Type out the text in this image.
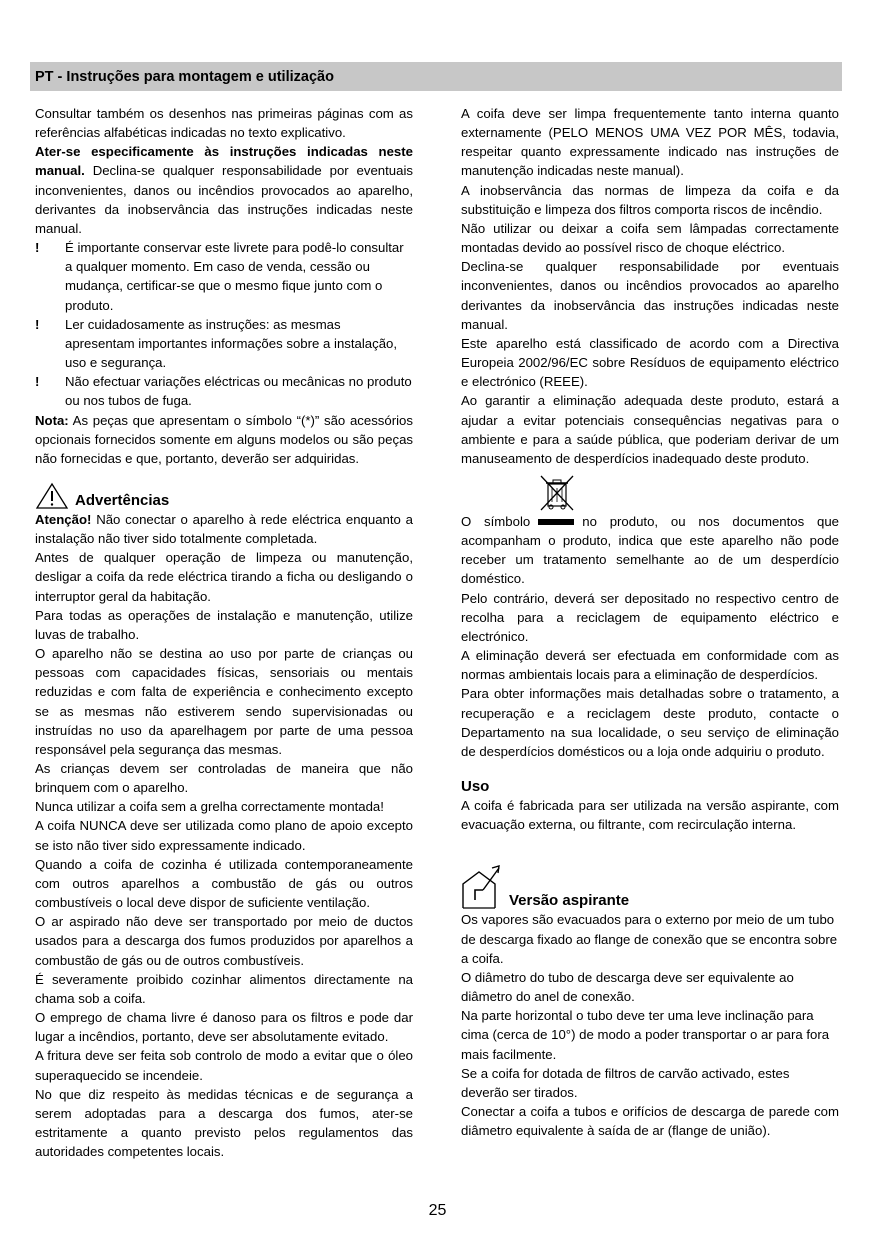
PT - Instruções para montagem e utilização

Consultar também os desenhos nas primeiras páginas com as referências alfabéticas indicadas no texto explicativo.

Ater-se especificamente às instruções indicadas neste manual. Declina-se qualquer responsabilidade por eventuais inconvenientes, danos ou incêndios provocados ao aparelho, derivantes da inobservância das instruções indicadas neste manual.

!	É importante conservar este livrete para podê-lo consultar a qualquer momento. Em caso de venda, cessão ou mudança, certificar-se que o mesmo fique junto com o produto.
!	Ler cuidadosamente as instruções: as mesmas apresentam importantes informações sobre a instalação, uso e segurança.
!	Não efectuar variações eléctricas ou mecânicas no produto ou nos tubos de fuga.

Nota: As peças que apresentam o símbolo “(*)” são acessórios opcionais fornecidos somente em alguns modelos ou são peças não fornecidas e que, portanto, deverão ser adquiridas.

Advertências

Atenção! Não conectar o aparelho à rede eléctrica enquanto a instalação não tiver sido totalmente completada.

Antes de qualquer operação de limpeza ou manutenção, desligar a coifa da rede eléctrica tirando a ficha ou desligando o interruptor geral da habitação.

Para todas as operações de instalação e manutenção, utilize luvas de trabalho.

O aparelho não se destina ao uso por parte de crianças ou pessoas com capacidades físicas, sensoriais ou mentais reduzidas e com falta de experiência e conhecimento excepto se as mesmas não estiverem sendo supervisionadas ou instruídas no uso da aparelhagem por parte de uma pessoa responsável pela segurança das mesmas.

As crianças devem ser controladas de maneira que não brinquem com o aparelho.

Nunca utilizar a coifa sem a grelha correctamente montada!

A coifa NUNCA deve ser utilizada como plano de apoio excepto se isto não tiver sido expressamente indicado.

Quando a coifa de cozinha é utilizada contemporaneamente com outros aparelhos a combustão de gás ou outros combustíveis o local deve dispor de suficiente ventilação.

O ar aspirado não deve ser transportado por meio de ductos usados para a descarga dos fumos produzidos por aparelhos a combustão de gás ou de outros combustíveis.

É severamente proibido cozinhar alimentos directamente na chama sob a coifa.

O emprego de chama livre é danoso para os filtros e pode dar lugar a incêndios, portanto, deve ser absolutamente evitado.

A fritura deve ser feita sob controlo de modo a evitar que o óleo superaquecido se incendeie.

No que diz respeito às medidas técnicas e de segurança a serem adoptadas para a descarga dos fumos, ater-se estritamente a quanto previsto pelos regulamentos das autoridades competentes locais.

A coifa deve ser limpa frequentemente tanto interna quanto externamente (PELO MENOS UMA VEZ POR MÊS, todavia, respeitar quanto expressamente indicado nas instruções de manutenção indicadas neste manual).

A inobservância das normas de limpeza da coifa e da substituição e limpeza dos filtros comporta riscos de incêndio.

Não utilizar ou deixar a coifa sem lâmpadas correctamente montadas devido ao possível risco de choque eléctrico.

Declina-se qualquer responsabilidade por eventuais inconvenientes, danos ou incêndios provocados ao aparelho derivantes da inobservância das instruções indicadas neste manual.

Este aparelho está classificado de acordo com a Directiva Europeia 2002/96/EC sobre Resíduos de equipamento eléctrico e electrónico (REEE).

Ao garantir a eliminação adequada deste produto, estará a ajudar a evitar potenciais consequências negativas para o ambiente e para a saúde pública, que poderiam derivar de um manuseamento de desperdícios inadequado deste produto.

O símbolo	no produto, ou nos documentos que acompanham o produto, indica que este aparelho não pode receber um tratamento semelhante ao de um desperdício doméstico.

Pelo contrário, deverá ser depositado no respectivo centro de recolha para a reciclagem de equipamento eléctrico e electrónico.

A eliminação deverá ser efectuada em conformidade com as normas ambientais locais para a eliminação de desperdícios.

Para obter informações mais detalhadas sobre o tratamento, a recuperação e a reciclagem deste produto, contacte o Departamento na sua localidade, o seu serviço de eliminação de desperdícios domésticos ou a loja onde adquiriu o produto.

Uso

A coifa é fabricada para ser utilizada na versão aspirante, com evacuação externa, ou filtrante, com recirculação interna.

Versão aspirante

Os vapores são evacuados para o externo por meio de um tubo de descarga fixado ao flange de conexão que se encontra sobre a coifa.

O diâmetro do tubo de descarga deve ser equivalente ao diâmetro do anel de conexão.

Na parte horizontal o tubo deve ter uma leve inclinação para cima (cerca de 10°) de modo a poder transportar o ar para fora mais facilmente.

Se a coifa for dotada de filtros de carvão activado, estes deverão ser tirados.

Conectar a coifa a tubos e orifícios de descarga de parede com diâmetro equivalente à saída de ar (flange de união).

25
